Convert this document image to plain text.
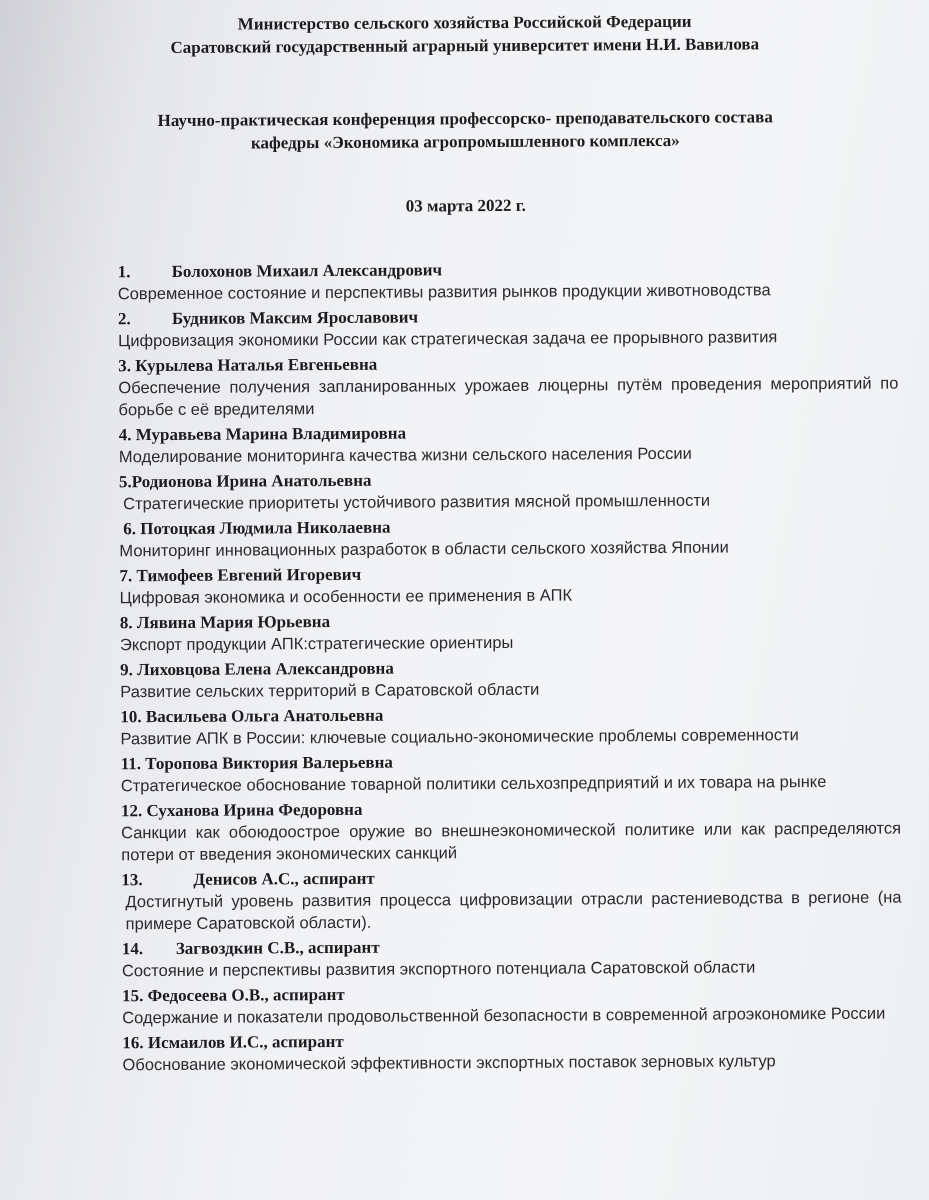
Министерство сельского хозяйства Российской Федерации
Саратовский государственный аграрный университет имени Н.И. Вавилова
Научно-практическая конференция профессорско- преподавательского состава
кафедры «Экономика агропромышленного комплекса»
03 марта 2022 г.
1. Болохонов Михаил Александрович
Современное состояние и перспективы развития рынков продукции животноводства
2. Будников Максим Ярославович
Цифровизация экономики России как стратегическая задача ее прорывного развития
3. Курылева Наталья Евгеньевна
Обеспечение получения запланированных урожаев люцерны путём проведения мероприятий по борьбе с её вредителями
4. Муравьева Марина Владимировна
Моделирование мониторинга качества жизни сельского населения России
5.Родионова Ирина Анатольевна
Стратегические приоритеты устойчивого развития мясной промышленности
6. Потоцкая Людмила Николаевна
Мониторинг инновационных разработок в области сельского хозяйства Японии
7. Тимофеев Евгений Игоревич
Цифровая экономика и особенности ее применения в АПК
8. Лявина Мария Юрьевна
Экспорт продукции АПК:стратегические ориентиры
9. Лиховцова Елена Александровна
Развитие сельских территорий в Саратовской области
10. Васильева Ольга Анатольевна
Развитие АПК в России: ключевые социально-экономические проблемы современности
11. Торопова Виктория Валерьевна
Стратегическое обоснование товарной политики сельхозпредприятий и их товара на рынке
12. Суханова Ирина Федоровна
Санкции как обоюдоострое оружие во внешнеэкономической политике или как распределяются потери от введения экономических санкций
13.	Денисов А.С., аспирант
Достигнутый уровень развития процесса цифровизации отрасли растениеводства в регионе (на примере Саратовской области).
14. Загвоздкин С.В., аспирант
Состояние и перспективы развития экспортного потенциала Саратовской области
15. Федосеева О.В., аспирант
Содержание и показатели продовольственной безопасности в современной агроэкономике России
16. Исмаилов И.С., аспирант
Обоснование экономической эффективности экспортных поставок зерновых культур
